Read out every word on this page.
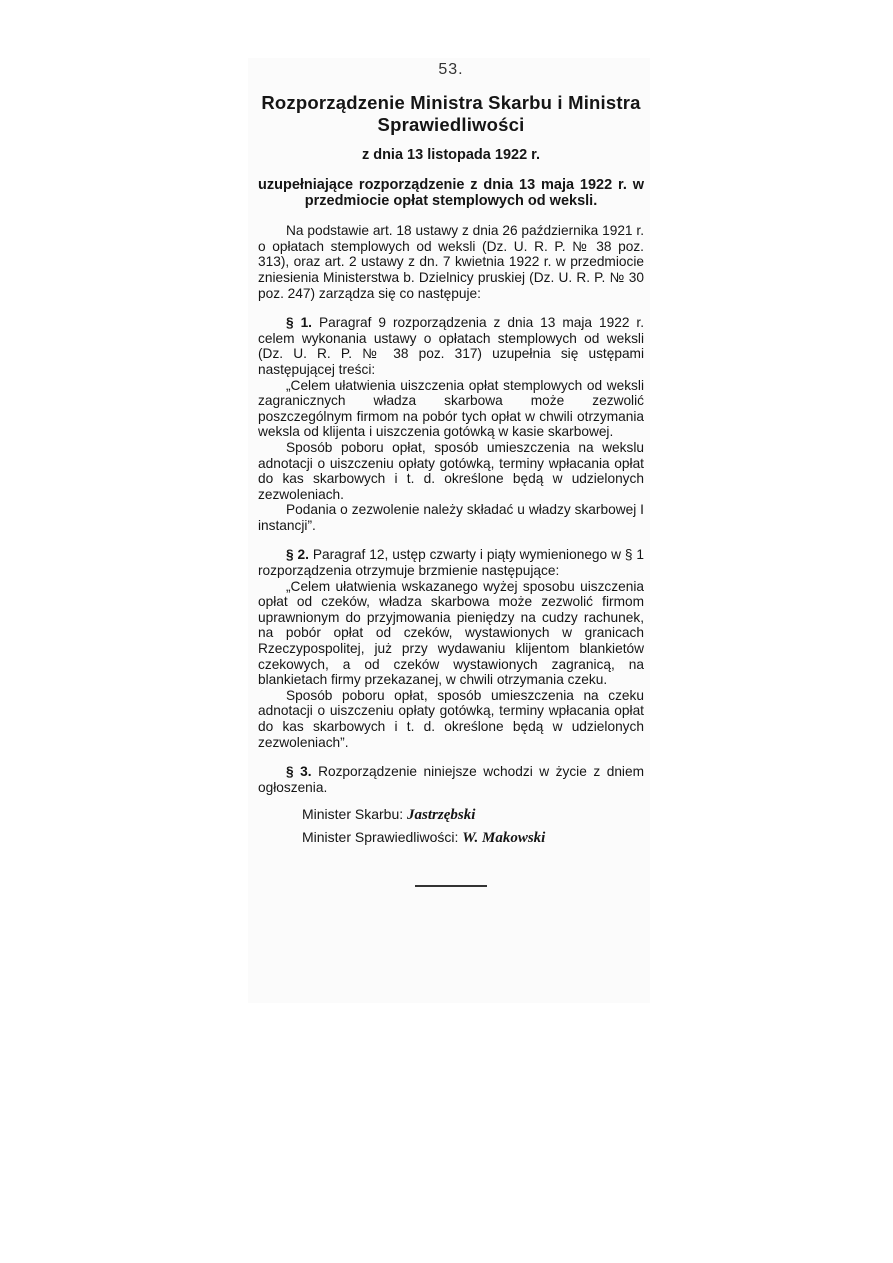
53.
Rozporządzenie Ministra Skarbu i Ministra Sprawiedliwości
z dnia 13 listopada 1922 r.
uzupełniające rozporządzenie z dnia 13 maja 1922 r. w przedmiocie opłat stemplowych od weksli.

Na podstawie art. 18 ustawy z dnia 26 październikа 1921 r. o opłatach stemplowych od weksli (Dz. U. R. P. № 38 poz. 313), oraz art. 2 ustawy z dn. 7 kwietnia 1922 r. w przedmiocie zniesienia Ministerstwa b. Dzielnicy pruskiej (Dz. U. R. P. № 30 poz. 247) zarządza się co następuje:

§ 1. Paragraf 9 rozporządzenia z dnia 13 maja 1922 r. celem wykonania ustawy o opłatach stemplowych od weksli (Dz. U. R. P. № 38 poz. 317) uzupełnia się ustępami następującej treści:

„Celem ułatwienia uiszczenia opłat stemplowych od weksli zagranicznych władza skarbowa może zezwolić poszczególnym firmom na pobór tych opłat w chwili otrzymania weksla od klijenta i uiszczenia gotówką w kasie skarbowej.

Sposób poboru opłat, sposób umieszczenia na wekslu adnotacji o uiszczeniu opłaty gotówką, terminy wpłacania opłat do kas skarbowych i t. d. określone będą w udzielonych zezwoleniach.

Podania o zezwolenie należy składać u władzy skarbowej I instancji”.

§ 2. Paragraf 12, ustęp czwarty i piąty wymienionego w § 1 rozporządzenia otrzymuje brzmienie następujące:

„Celem ułatwienia wskazanego wyżej sposobu uiszczenia opłat od czeków, władza skarbowa może zezwolić firmom uprawnionym do przyjmowania pieniędzy na cudzy rachunek, na pobór opłat od czeków, wystawionych w granicach Rzeczypospolitej, już przy wydawaniu klijentom blankietów czekowych, a od czeków wystawionych zagranicą, na blankietach firmy przekazanej, w chwili otrzymania czeku.

Sposób poboru opłat, sposób umieszczenia na czeku adnotacji o uiszczeniu opłaty gotówką, terminy wpłacania opłat do kas skarbowych i t. d. określone będą w udzielonych zezwoleniach”.

§ 3. Rozporządzenie niniejsze wchodzi w życie z dniem ogłoszenia.

Minister Skarbu: Jastrzębski
Minister Sprawiedliwości: W. Makowski
